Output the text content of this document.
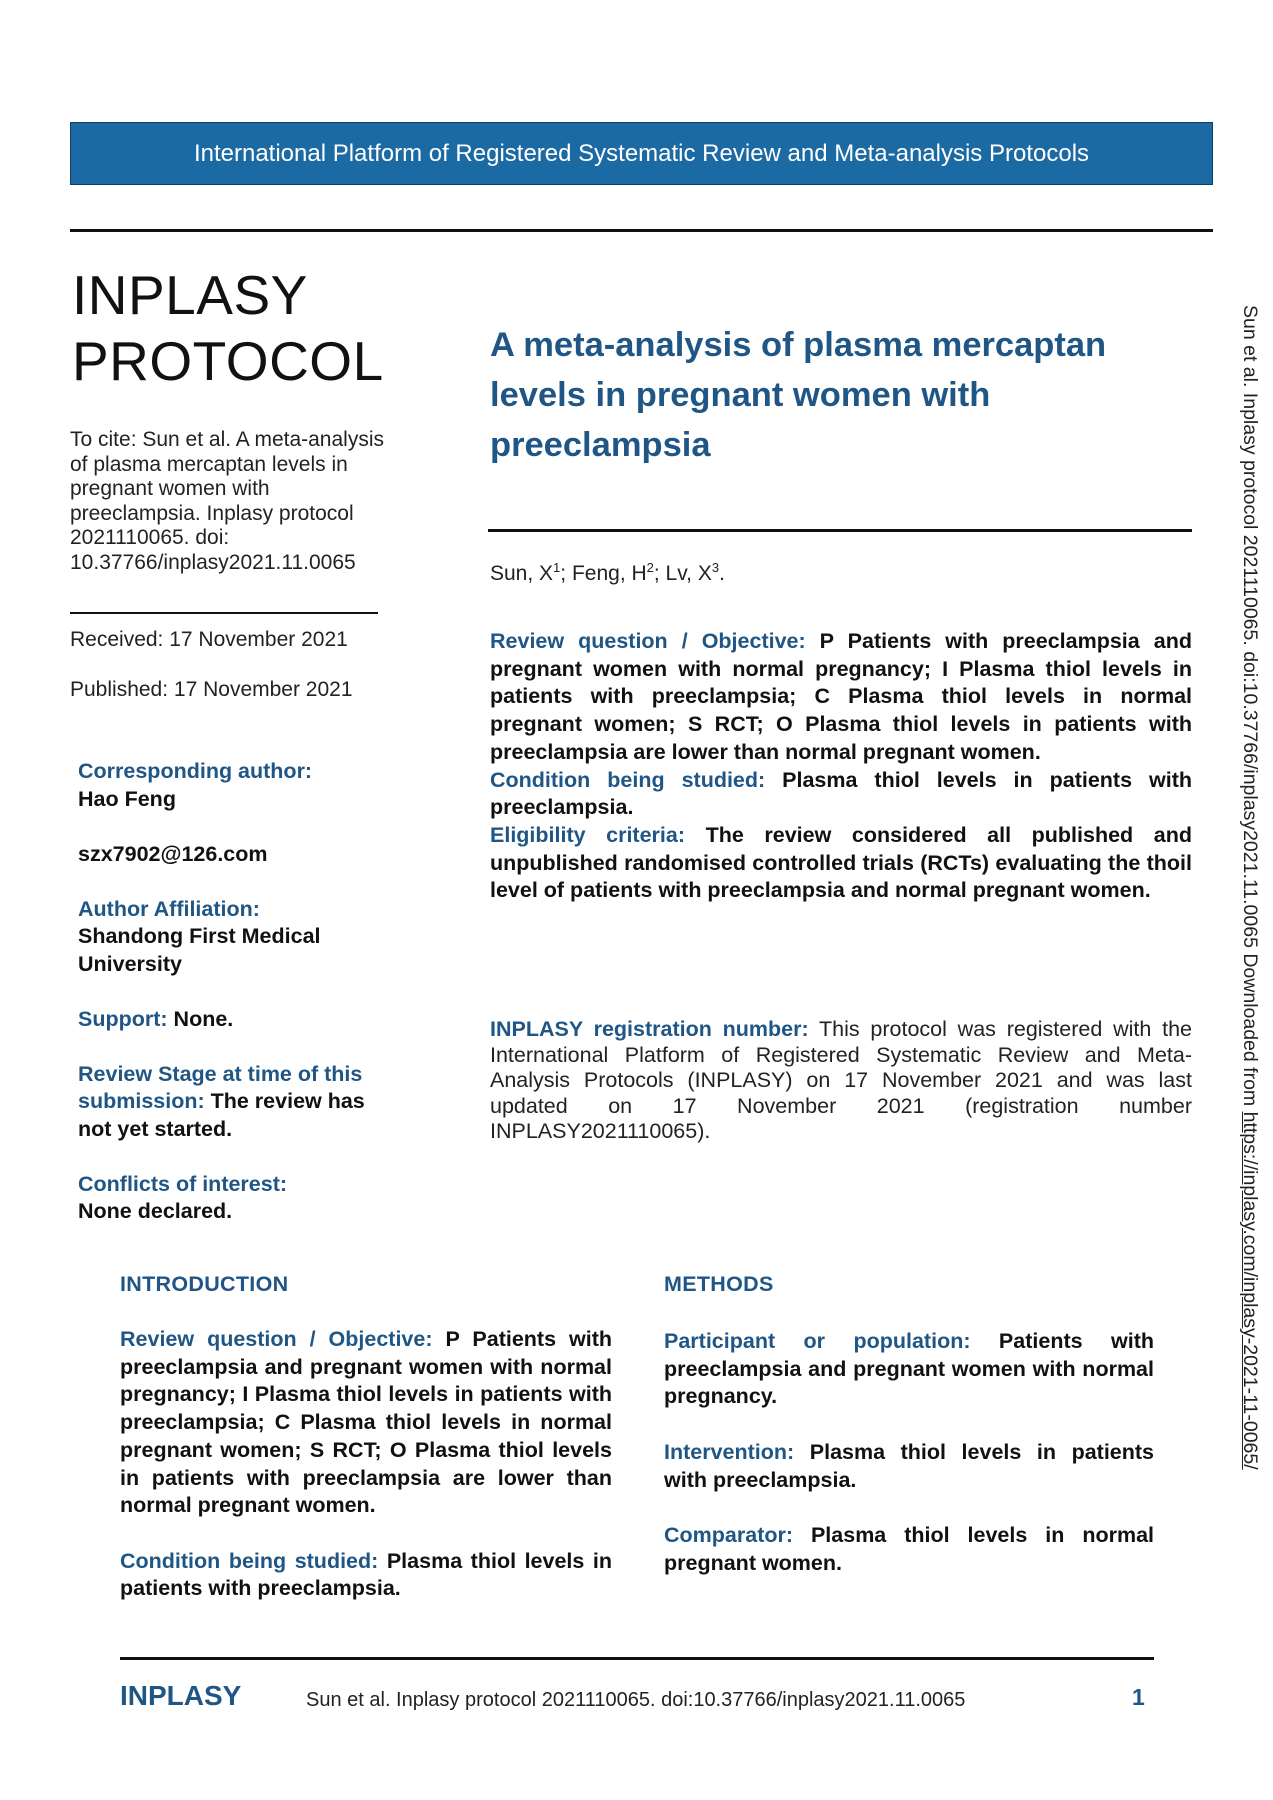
International Platform of Registered Systematic Review and Meta-analysis Protocols
INPLASY
PROTOCOL
To cite: Sun et al. A meta-analysis of plasma mercaptan levels in pregnant women with preeclampsia. Inplasy protocol 2021110065. doi: 10.37766/inplasy2021.11.0065
Received: 17 November 2021
Published: 17 November 2021

Corresponding author:
Hao Feng

szx7902@126.com

Author Affiliation:
Shandong First Medical University

Support: None.

Review Stage at time of this submission: The review has not yet started.

Conflicts of interest:
None declared.

A meta-analysis of plasma mercaptan levels in pregnant women with preeclampsia
Sun, $X^1$; Feng, $H^2$; Lv, $X^3$.

Review question / Objective: P Patients with preeclampsia and pregnant women with normal pregnancy; I Plasma thiol levels in patients with preeclampsia; C Plasma thiol levels in normal pregnant women; S RCT; O Plasma thiol levels in patients with preeclampsia are lower than normal pregnant women.

Condition being studied: Plasma thiol levels in patients with preeclampsia.

Eligibility criteria: The review considered all published and unpublished randomised controlled trials (RCTs) evaluating the thoil level of patients with preeclampsia and normal pregnant women.

INPLASY registration number: This protocol was registered with the International Platform of Registered Systematic Review and Meta-Analysis Protocols (INPLASY) on 17 November 2021 and was last updated on 17 November 2021 (registration number INPLASY2021110065).
INTRODUCTION	METHODS

Review question / Objective: P Patients with preeclampsia and pregnant women with normal pregnancy; I Plasma thiol levels in patients with preeclampsia; C Plasma thiol levels in normal pregnant women; S RCT; O Plasma thiol levels in patients with preeclampsia are lower than normal pregnant women.

Condition being studied: Plasma thiol levels in patients with preeclampsia.

Participant or population: Patients with preeclampsia and pregnant women with normal pregnancy.

Intervention: Plasma thiol levels in patients with preeclampsia.

Comparator: Plasma thiol levels in normal pregnant women.

INPLASY	Sun et al. Inplasy protocol 2021110065. doi:10.37766/inplasy2021.11.0065	1
Sun et al. Inplasy protocol 2021110065. doi:10.37766/inplasy2021.11.0065 Downloaded from https://inplasy.com/inplasy-2021-11-0065/
